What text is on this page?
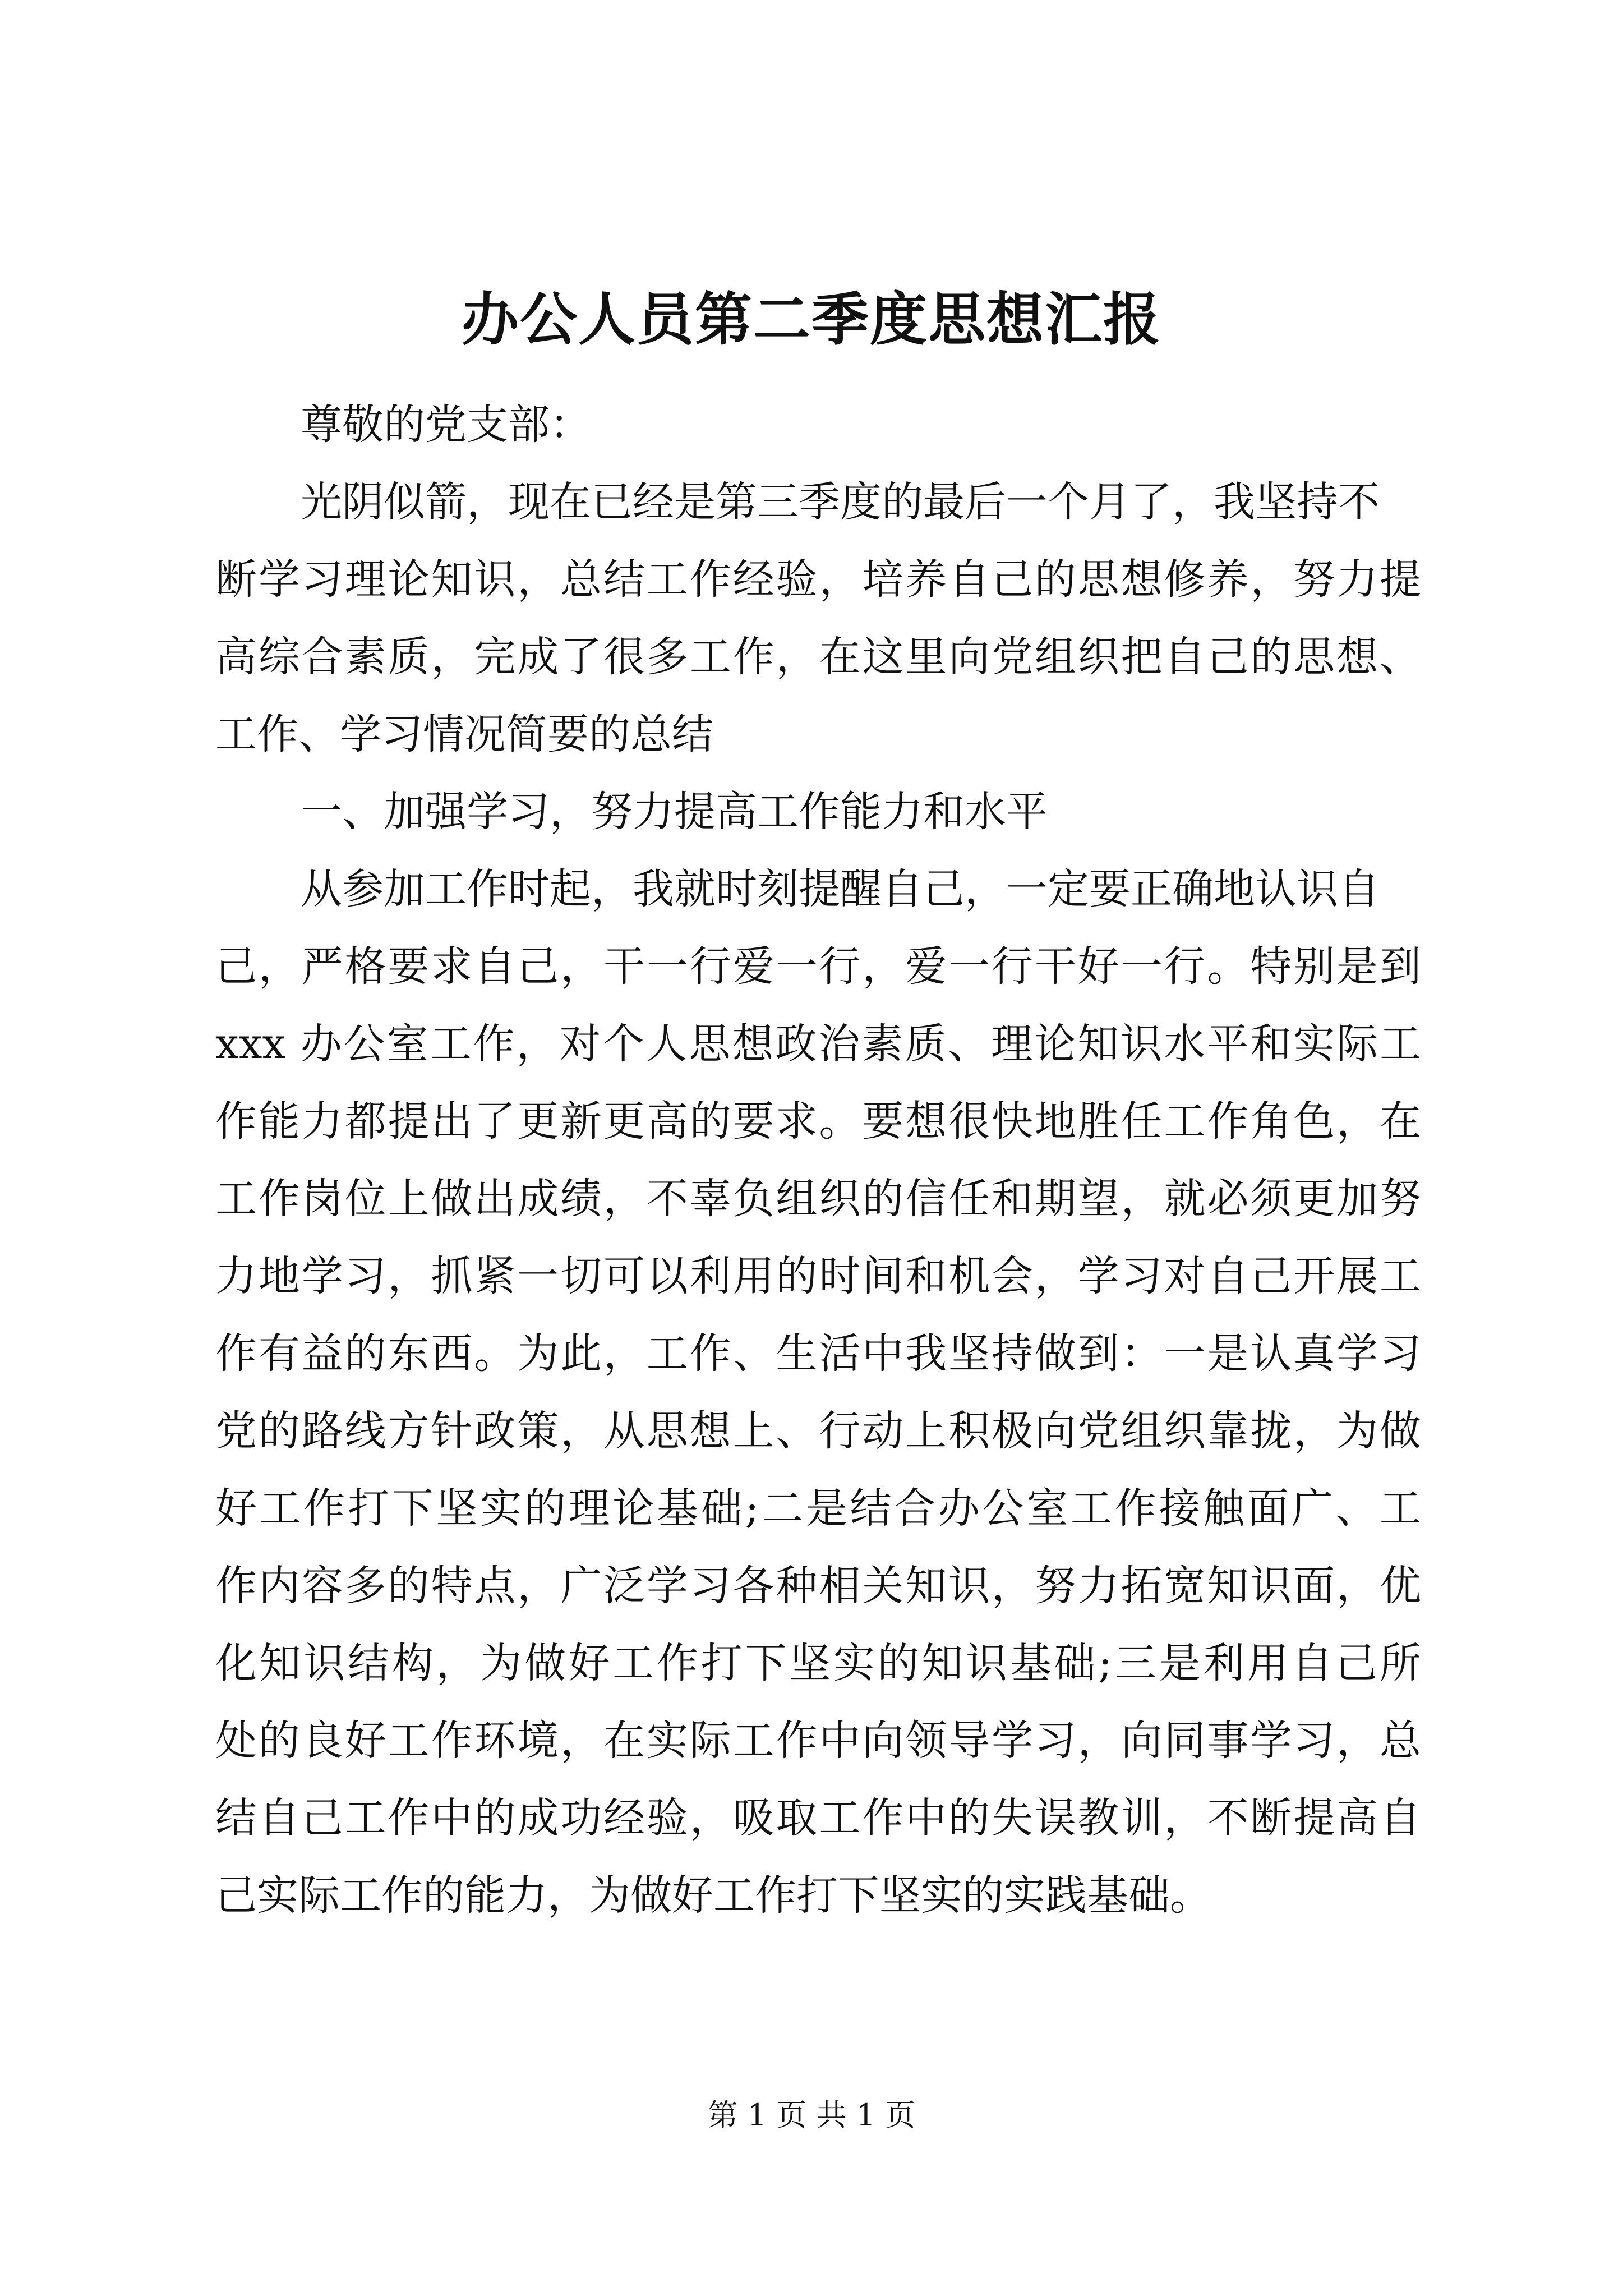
办公人员第二季度思想汇报
尊敬的党支部：
光阴似箭，现在已经是第三季度的最后一个月了，我坚持不
断学习理论知识，总结工作经验，培养自己的思想修养，努力提
高综合素质，完成了很多工作，在这里向党组织把自己的思想、
工作、学习情况简要的总结
一、加强学习，努力提高工作能力和水平
从参加工作时起，我就时刻提醒自己，一定要正确地认识自
己，严格要求自己，干一行爱一行，爱一行干好一行。特别是到
xxx 办公室工作，对个人思想政治素质、理论知识水平和实际工
作能力都提出了更新更高的要求。要想很快地胜任工作角色，在
工作岗位上做出成绩，不辜负组织的信任和期望，就必须更加努
力地学习，抓紧一切可以利用的时间和机会，学习对自己开展工
作有益的东西。为此，工作、生活中我坚持做到：一是认真学习
党的路线方针政策，从思想上、行动上积极向党组织靠拢，为做
好工作打下坚实的理论基础;二是结合办公室工作接触面广、工
作内容多的特点，广泛学习各种相关知识，努力拓宽知识面，优
化知识结构，为做好工作打下坚实的知识基础;三是利用自己所
处的良好工作环境，在实际工作中向领导学习，向同事学习，总
结自己工作中的成功经验，吸取工作中的失误教训，不断提高自
己实际工作的能力，为做好工作打下坚实的实践基础。
第 1 页 共 1 页
